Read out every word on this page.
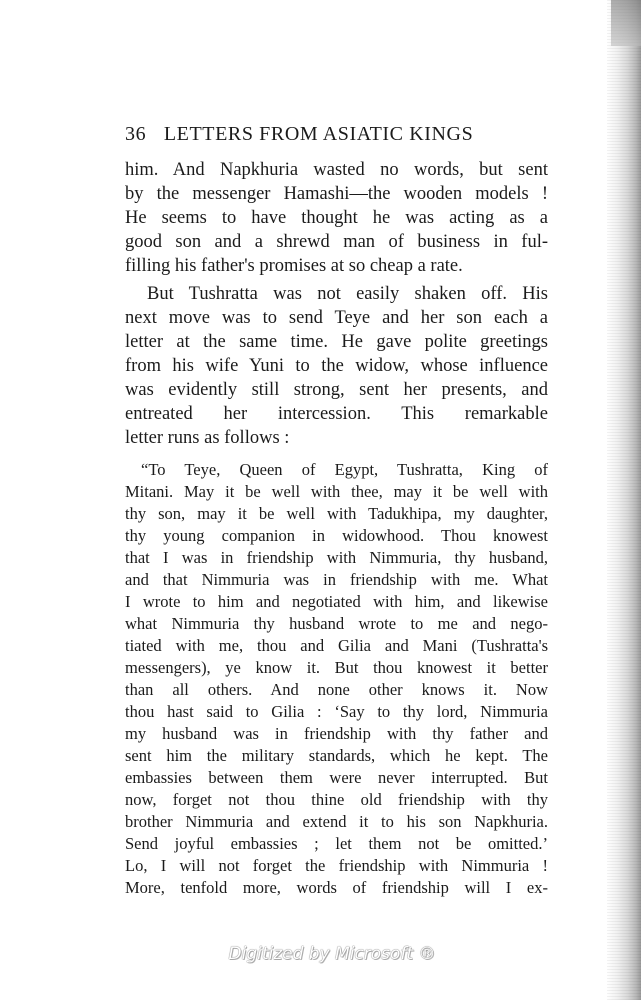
36 LETTERS FROM ASIATIC KINGS
him. And Napkhuria wasted no words, but sent
by the messenger Hamashi—the wooden models !
He seems to have thought he was acting as a
good son and a shrewd man of business in ful-
filling his father's promises at so cheap a rate.
But Tushratta was not easily shaken off. His
next move was to send Teye and her son each a
letter at the same time. He gave polite greetings
from his wife Yuni to the widow, whose influence
was evidently still strong, sent her presents, and
entreated her intercession. This remarkable
letter runs as follows :
“To Teye, Queen of Egypt, Tushratta, King of
Mitani. May it be well with thee, may it be well with
thy son, may it be well with Tadukhipa, my daughter,
thy young companion in widowhood. Thou knowest
that I was in friendship with Nimmuria, thy husband,
and that Nimmuria was in friendship with me. What
I wrote to him and negotiated with him, and likewise
what Nimmuria thy husband wrote to me and nego-
tiated with me, thou and Gilia and Mani (Tushratta's
messengers), ye know it. But thou knowest it better
than all others. And none other knows it. Now
thou hast said to Gilia : ‘Say to thy lord, Nimmuria
my husband was in friendship with thy father and
sent him the military standards, which he kept. The
embassies between them were never interrupted. But
now, forget not thou thine old friendship with thy
brother Nimmuria and extend it to his son Napkhuria.
Send joyful embassies ; let them not be omitted.’
Lo, I will not forget the friendship with Nimmuria !
More, tenfold more, words of friendship will I ex-
Digitized by Microsoft ®
